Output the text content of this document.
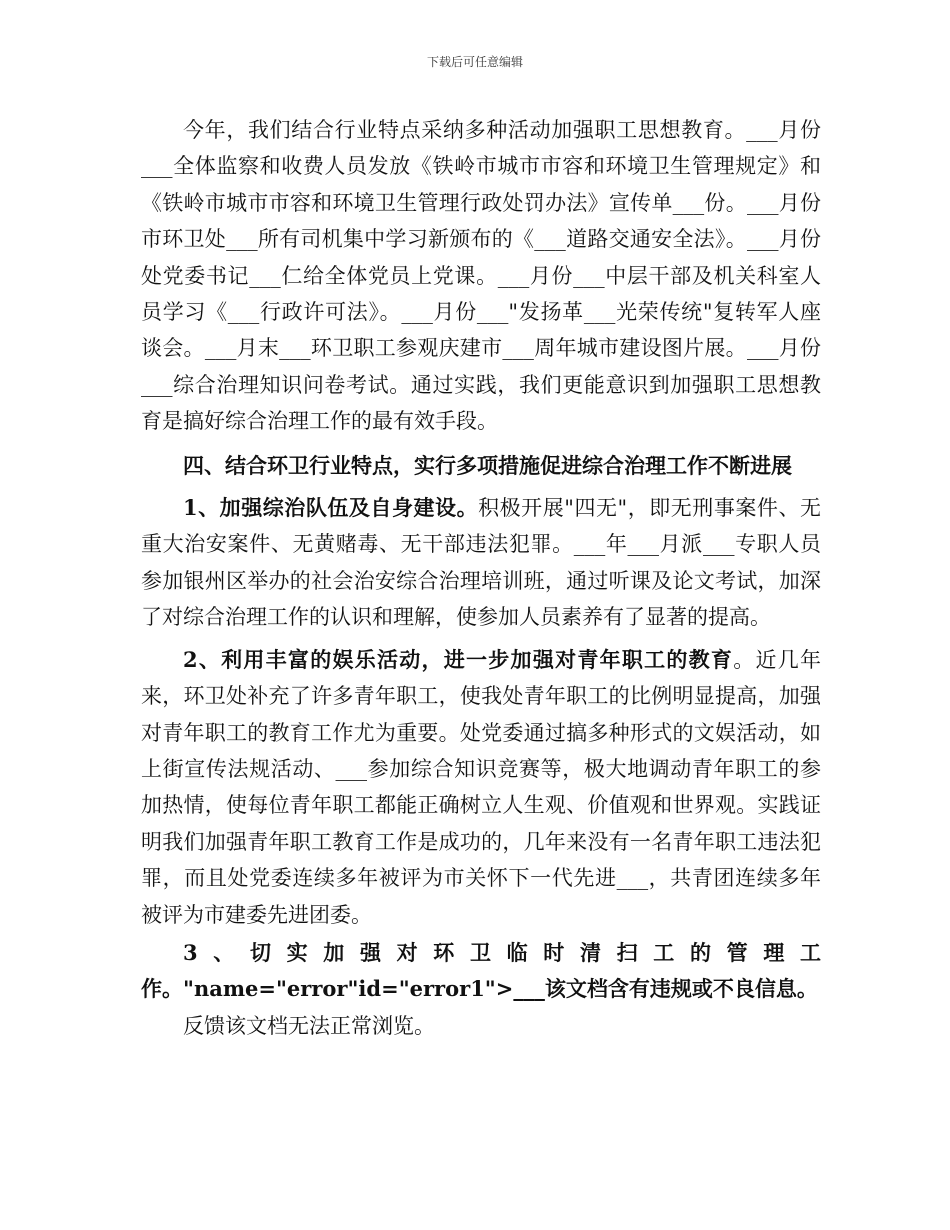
下载后可任意编辑

今年，我们结合行业特点采纳多种活动加强职工思想教育。___月份___全体监察和收费人员发放《铁岭市城市市容和环境卫生管理规定》和《铁岭市城市市容和环境卫生管理行政处罚办法》宣传单___份。___月份市环卫处___所有司机集中学习新颁布的《___道路交通安全法》。___月份处党委书记___仁给全体党员上党课。___月份___中层干部及机关科室人员学习《___行政许可法》。___月份___"发扬革___光荣传统"复转军人座谈会。___月末___环卫职工参观庆建市___周年城市建设图片展。___月份___综合治理知识问卷考试。通过实践，我们更能意识到加强职工思想教育是搞好综合治理工作的最有效手段。

四、结合环卫行业特点，实行多项措施促进综合治理工作不断进展

1、加强综治队伍及自身建设。积极开展"四无"，即无刑事案件、无重大治安案件、无黄赌毒、无干部违法犯罪。___年___月派___专职人员参加银州区举办的社会治安综合治理培训班，通过听课及论文考试，加深了对综合治理工作的认识和理解，使参加人员素养有了显著的提高。

2、利用丰富的娱乐活动，进一步加强对青年职工的教育。近几年来，环卫处补充了许多青年职工，使我处青年职工的比例明显提高，加强对青年职工的教育工作尤为重要。处党委通过搞多种形式的文娱活动，如上街宣传法规活动、___参加综合知识竞赛等，极大地调动青年职工的参加热情，使每位青年职工都能正确树立人生观、价值观和世界观。实践证明我们加强青年职工教育工作是成功的，几年来没有一名青年职工违法犯罪，而且处党委连续多年被评为市关怀下一代先进___，共青团连续多年被评为市建委先进团委。

3、切实加强对环卫临时清扫工的管理工作。"name="error"id="error1">___该文档含有违规或不良信息。

反馈该文档无法正常浏览。
